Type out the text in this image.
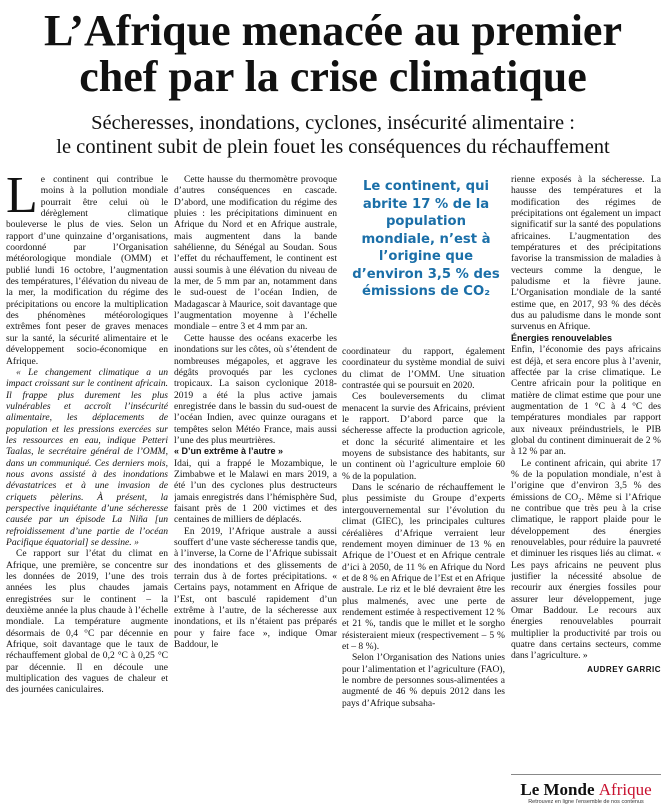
L’Afrique menacée au premier
chef par la crise climatique
Sécheresses, inondations, cyclones, insécurité alimentaire :
le continent subit de plein fouet les conséquences du réchauffement

Le continent qui contribue le moins à la pollution mondiale pourrait être celui où le dérèglement climatique bouleverse le plus de vies. Selon un rapport d’une quinzaine d’organisations, coordonné par l’Organisation météorologique mondiale (OMM) et publié lundi 16 octobre, l’augmentation des températures, l’élévation du niveau de la mer, la modification du régime des précipitations ou encore la multiplication des phénomènes météorologiques extrêmes font peser de graves menaces sur la santé, la sécurité alimentaire et le développement socio-économique en Afrique.

« Le changement climatique a un impact croissant sur le continent africain. Il frappe plus durement les plus vulnérables et accroît l’insécurité alimentaire, les déplacements de population et les pressions exercées sur les ressources en eau, indique Petteri Taalas, le secrétaire général de l’OMM, dans un communiqué. Ces derniers mois, nous avons assisté à des inondations dévastatrices et à une invasion de criquets pèlerins. À présent, la perspective inquiétante d’une sécheresse causée par un épisode La Niña [un refroidissement d’une partie de l’océan Pacifique équatorial] se dessine. »

Ce rapport sur l’état du climat en Afrique, une première, se concentre sur les données de 2019, l’une des trois années les plus chaudes jamais enregistrées sur le continent – la deuxième année la plus chaude à l’échelle mondiale. La température augmente désormais de 0,4 °C par décennie en Afrique, soit davantage que le taux de réchauffement global de 0,2 °C à 0,25 °C par décennie. Il en découle une multiplication des vagues de chaleur et des journées caniculaires.

Cette hausse du thermomètre provoque d’autres conséquences en cascade. D’abord, une modification du régime des pluies : les précipitations diminuent en Afrique du Nord et en Afrique australe, mais augmentent dans la bande sahélienne, du Sénégal au Soudan. Sous l’effet du réchauffement, le continent est aussi soumis à une élévation du niveau de la mer, de 5 mm par an, notamment dans le sud-ouest de l’océan Indien, de Madagascar à Maurice, soit davantage que l’augmentation moyenne à l’échelle mondiale – entre 3 et 4 mm par an.

Cette hausse des océans exacerbe les inondations sur les côtes, où s’étendent de nombreuses mégapoles, et aggrave les dégâts provoqués par les cyclones tropicaux. La saison cyclonique 2018-2019 a été la plus active jamais enregistrée dans le bassin du sud-ouest de l’océan Indien, avec quinze ouragans et tempêtes selon Météo France, mais aussi l’une des plus meurtrières.

« D’un extrême à l’autre »

Idai, qui a frappé le Mozambique, le Zimbabwe et le Malawi en mars 2019, a été l’un des cyclones plus destructeurs jamais enregistrés dans l’hémisphère Sud, faisant près de 1 200 victimes et des centaines de milliers de déplacés.

En 2019, l’Afrique australe a aussi souffert d’une vaste sécheresse tandis que, à l’inverse, la Corne de l’Afrique subissait des inondations et des glissements de terrain dus à de fortes précipitations. « Certains pays, notamment en Afrique de l’Est, ont basculé rapidement d’un extrême à l’autre, de la sécheresse aux inondations, et ils n’étaient pas préparés pour y faire face », indique Omar Baddour, le

Le continent, qui abrite 17 % de la population mondiale, n’est à l’origine que d’environ 3,5 % des émissions de CO₂

coordinateur du rapport, également coordinateur du système mondial de suivi du climat de l’OMM. Une situation contrastée qui se poursuit en 2020.

Ces bouleversements du climat menacent la survie des Africains, prévient le rapport. D’abord parce que la sécheresse affecte la production agricole, et donc la sécurité alimentaire et les moyens de subsistance des habitants, sur un continent où l’agriculture emploie 60 % de la population.

Dans le scénario de réchauffement le plus pessimiste du Groupe d’experts intergouvernemental sur l’évolution du climat (GIEC), les principales cultures céréalières d’Afrique verraient leur rendement moyen diminuer de 13 % en Afrique de l’Ouest et en Afrique centrale d’ici à 2050, de 11 % en Afrique du Nord et de 8 % en Afrique de l’Est et en Afrique australe. Le riz et le blé devraient être les plus malmenés, avec une perte de rendement estimée à respectivement 12 % et 21 %, tandis que le millet et le sorgho résisteraient mieux (respectivement – 5 % et – 8 %).

Selon l’Organisation des Nations unies pour l’alimentation et l’agriculture (FAO), le nombre de personnes sous-alimentées a augmenté de 46 % depuis 2012 dans les pays d’Afrique subsaha-

rienne exposés à la sécheresse. La hausse des températures et la modification des régimes de précipitations ont également un impact significatif sur la santé des populations africaines. L’augmentation des températures et des précipitations favorise la transmission de maladies à vecteurs comme la dengue, le paludisme et la fièvre jaune. L’Organisation mondiale de la santé estime que, en 2017, 93 % des décès dus au paludisme dans le monde sont survenus en Afrique.

Énergies renouvelables

Enfin, l’économie des pays africains est déjà, et sera encore plus à l’avenir, affectée par la crise climatique. Le Centre africain pour la politique en matière de climat estime que pour une augmentation de 1 °C à 4 °C des températures mondiales par rapport aux niveaux préindustriels, le PIB global du continent diminuerait de 2 % à 12 % par an.

Le continent africain, qui abrite 17 % de la population mondiale, n’est à l’origine que d’environ 3,5 % des émissions de CO₂. Même si l’Afrique ne contribue que très peu à la crise climatique, le rapport plaide pour le développement des énergies renouvelables, pour réduire la pauvreté et diminuer les risques liés au climat. « Les pays africains ne peuvent plus justifier la nécessité absolue de recourir aux énergies fossiles pour assurer leur développement, juge Omar Baddour. Le recours aux énergies renouvelables pourrait multiplier la productivité par trois ou quatre dans certains secteurs, comme dans l’agriculture. »

AUDREY GARRIC

Le Monde Afrique
Retrouvez en ligne l’ensemble de nos contenus
